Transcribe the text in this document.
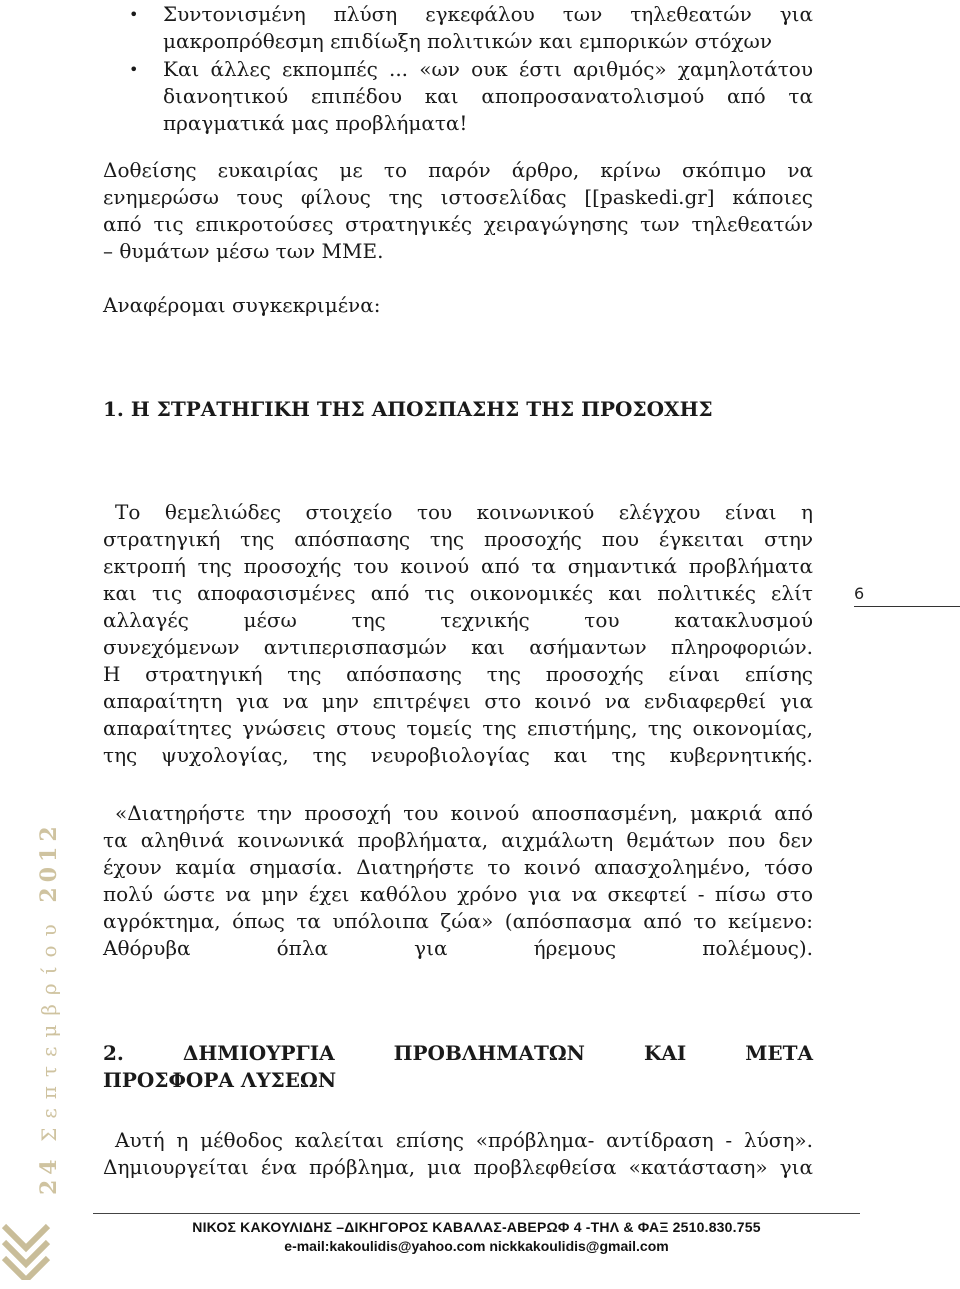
• Συντονισμένη πλύση εγκεφάλου των τηλεθεατών για
μακροπρόθεσμη επιδίωξη πολιτικών και εμπορικών στόχων
• Και άλλες εκπομπές ... «ων ουκ έστι αριθμός» χαμηλοτάτου
διανοητικού επιπέδου και αποπροσανατολισμού από τα
πραγματικά μας προβλήματα!
Δοθείσης ευκαιρίας με το παρόν άρθρο, κρίνω σκόπιμο να
ενημερώσω τους φίλους της ιστοσελίδας [[paskedi.gr] κάποιες
από τις επικροτούσες στρατηγικές χειραγώγησης των τηλεθεατών
– θυμάτων μέσω των ΜΜΕ.
Αναφέρομαι συγκεκριμένα:
1. Η ΣΤΡΑΤΗΓΙΚΗ ΤΗΣ ΑΠΟΣΠΑΣΗΣ ΤΗΣ ΠΡΟΣΟΧΗΣ
Το θεμελιώδες στοιχείο του κοινωνικού ελέγχου είναι η
στρατηγική της απόσπασης της προσοχής που έγκειται στην
εκτροπή της προσοχής του κοινού από τα σημαντικά προβλήματα
και τις αποφασισμένες από τις οικονομικές και πολιτικές ελίτ
αλλαγές μέσω της τεχνικής του κατακλυσμού
συνεχόμενων αντιπερισπασμών και ασήμαντων πληροφοριών.
Η στρατηγική της απόσπασης της προσοχής είναι επίσης
απαραίτητη για να μην επιτρέψει στο κοινό να ενδιαφερθεί για
απαραίτητες γνώσεις στους τομείς της επιστήμης, της οικονομίας,
της ψυχολογίας, της νευροβιολογίας και της κυβερνητικής.
«Διατηρήστε την προσοχή του κοινού αποσπασμένη, μακριά από
τα αληθινά κοινωνικά προβλήματα, αιχμάλωτη θεμάτων που δεν
έχουν καμία σημασία. Διατηρήστε το κοινό απασχολημένο, τόσο
πολύ ώστε να μην έχει καθόλου χρόνο για να σκεφτεί - πίσω στο
αγρόκτημα, όπως τα υπόλοιπα ζώα» (απόσπασμα από το κείμενο:
Αθόρυβα όπλα για ήρεμους πολέμους).
2. ΔΗΜΙΟΥΡΓΙΑ ΠΡΟΒΛΗΜΑΤΩΝ ΚΑΙ ΜΕΤΑ
ΠΡΟΣΦΟΡΑ ΛΥΣΕΩΝ
Αυτή η μέθοδος καλείται επίσης «πρόβλημα- αντίδραση - λύση».
Δημιουργείται ένα πρόβλημα, μια προβλεφθείσα «κατάσταση» για
6
24 Σεπτεμβρίου 2012
ΝΙΚΟΣ ΚΑΚΟΥΛΙΔΗΣ –ΔΙΚΗΓΟΡΟΣ ΚΑΒΑΛΑΣ-ΑΒΕΡΩΦ 4 -ΤΗΛ & ΦΑΞ 2510.830.755
e-mail:kakoulidis@yahoo.com nickkakoulidis@gmail.com
